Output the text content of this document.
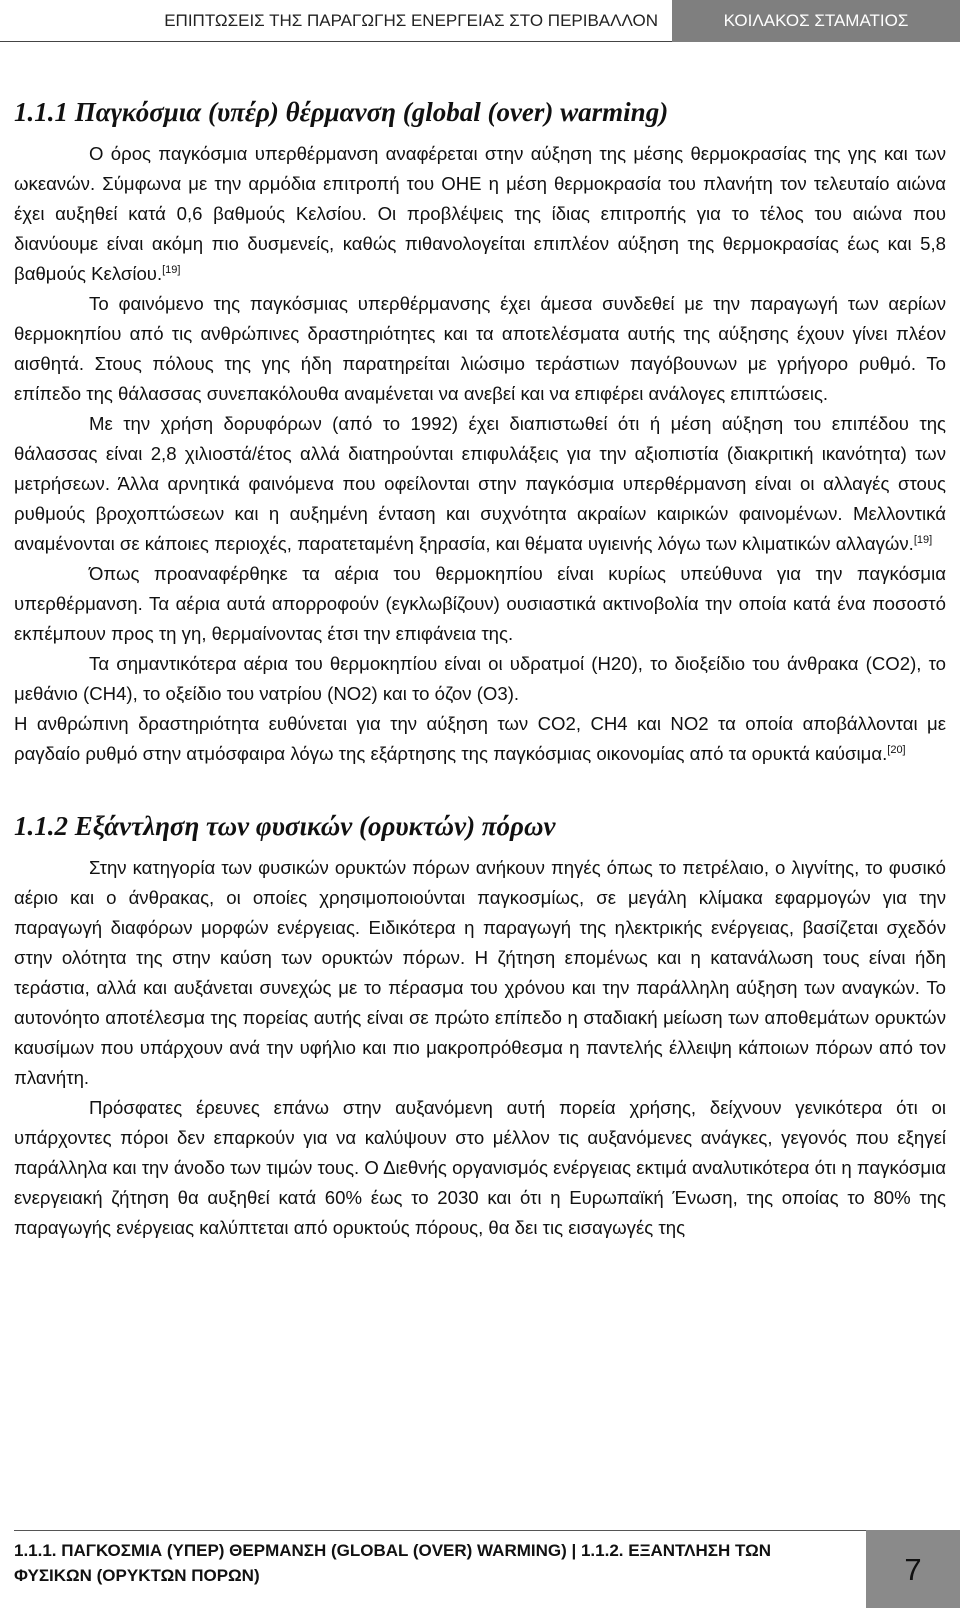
ΕΠΙΠΤΩΣΕΙΣ ΤΗΣ ΠΑΡΑΓΩΓΗΣ ΕΝΕΡΓΕΙΑΣ ΣΤΟ ΠΕΡΙΒΑΛΛΟΝ	ΚΟΙΛΑΚΟΣ ΣΤΑΜΑΤΙΟΣ
1.1.1 Παγκόσμια (υπέρ) θέρμανση (global (over) warming)

Ο όρος παγκόσμια υπερθέρμανση αναφέρεται στην αύξηση της μέσης θερμοκρασίας της γης και των ωκεανών. Σύμφωνα με την αρμόδια επιτροπή του ΟΗΕ η μέση θερμοκρασία του πλανήτη τον τελευταίο αιώνα έχει αυξηθεί κατά 0,6 βαθμούς Κελσίου. Οι προβλέψεις της ίδιας επιτροπής για το τέλος του αιώνα που διανύουμε είναι ακόμη πιο δυσμενείς, καθώς πιθανολογείται επιπλέον αύξηση της θερμοκρασίας έως και 5,8 βαθμούς Κελσίου.[19]

Το φαινόμενο της παγκόσμιας υπερθέρμανσης έχει άμεσα συνδεθεί με την παραγωγή των αερίων θερμοκηπίου από τις ανθρώπινες δραστηριότητες και τα αποτελέσματα αυτής της αύξησης έχουν γίνει πλέον αισθητά. Στους πόλους της γης ήδη παρατηρείται λιώσιμο τεράστιων παγόβουνων με γρήγορο ρυθμό. Το επίπεδο της θάλασσας συνεπακόλουθα αναμένεται να ανεβεί και να επιφέρει ανάλογες επιπτώσεις.

Με την χρήση δορυφόρων (από το 1992) έχει διαπιστωθεί ότι ή μέση αύξηση του επιπέδου της θάλασσας είναι 2,8 χιλιοστά/έτος αλλά διατηρούνται επιφυλάξεις για την αξιοπιστία (διακριτική ικανότητα) των μετρήσεων. Άλλα αρνητικά φαινόμενα που οφείλονται στην παγκόσμια υπερθέρμανση είναι οι αλλαγές στους ρυθμούς βροχοπτώσεων και η αυξημένη ένταση και συχνότητα ακραίων καιρικών φαινομένων. Μελλοντικά αναμένονται σε κάποιες περιοχές, παρατεταμένη ξηρασία, και θέματα υγιεινής λόγω των κλιματικών αλλαγών.[19]

Όπως προαναφέρθηκε τα αέρια του θερμοκηπίου είναι κυρίως υπεύθυνα για την παγκόσμια υπερθέρμανση. Τα αέρια αυτά απορροφούν (εγκλωβίζουν) ουσιαστικά ακτινοβολία την οποία κατά ένα ποσοστό εκπέμπουν προς τη γη, θερμαίνοντας έτσι την επιφάνεια της.

Τα σημαντικότερα αέρια του θερμοκηπίου είναι οι υδρατμοί (Η20), το διοξείδιο του άνθρακα (CO2), το μεθάνιο (CH4), το οξείδιο του νατρίου (NO2) και το όζον (O3).

Η ανθρώπινη δραστηριότητα ευθύνεται για την αύξηση των CO2, CH4 και NO2 τα οποία αποβάλλονται με ραγδαίο ρυθμό στην ατμόσφαιρα λόγω της εξάρτησης της παγκόσμιας οικονομίας από τα ορυκτά καύσιμα.[20]

1.1.2 Εξάντληση των φυσικών (ορυκτών) πόρων

Στην κατηγορία των φυσικών ορυκτών πόρων ανήκουν πηγές όπως το πετρέλαιο, ο λιγνίτης, το φυσικό αέριο και ο άνθρακας, οι οποίες χρησιμοποιούνται παγκοσμίως, σε μεγάλη κλίμακα εφαρμογών για την παραγωγή διαφόρων μορφών ενέργειας. Ειδικότερα η παραγωγή της ηλεκτρικής ενέργειας, βασίζεται σχεδόν στην ολότητα της στην καύση των ορυκτών πόρων. Η ζήτηση επομένως και η κατανάλωση τους είναι ήδη τεράστια, αλλά και αυξάνεται συνεχώς με το πέρασμα του χρόνου και την παράλληλη αύξηση των αναγκών. Το αυτονόητο αποτέλεσμα της πορείας αυτής είναι σε πρώτο επίπεδο η σταδιακή μείωση των αποθεμάτων ορυκτών καυσίμων που υπάρχουν ανά την υφήλιο και πιο μακροπρόθεσμα η παντελής έλλειψη κάποιων πόρων από τον πλανήτη.

Πρόσφατες έρευνες επάνω στην αυξανόμενη αυτή πορεία χρήσης, δείχνουν γενικότερα ότι οι υπάρχοντες πόροι δεν επαρκούν για να καλύψουν στο μέλλον τις αυξανόμενες ανάγκες, γεγονός που εξηγεί παράλληλα και την άνοδο των τιμών τους. Ο Διεθνής οργανισμός ενέργειας εκτιμά αναλυτικότερα ότι η παγκόσμια ενεργειακή ζήτηση θα αυξηθεί κατά 60% έως το 2030 και ότι η Ευρωπαϊκή Ένωση, της οποίας το 80% της παραγωγής ενέργειας καλύπτεται από ορυκτούς πόρους, θα δει τις εισαγωγές της

1.1.1. ΠΑΓΚΟΣΜΙΑ (ΥΠΕΡ) ΘΕΡΜΑΝΣΗ (GLOBAL (OVER) WARMING) | 1.1.2. ΕΞΑΝΤΛΗΣΗ ΤΩΝ ΦΥΣΙΚΩΝ (ΟΡΥΚΤΩΝ ΠΟΡΩΝ)	7
